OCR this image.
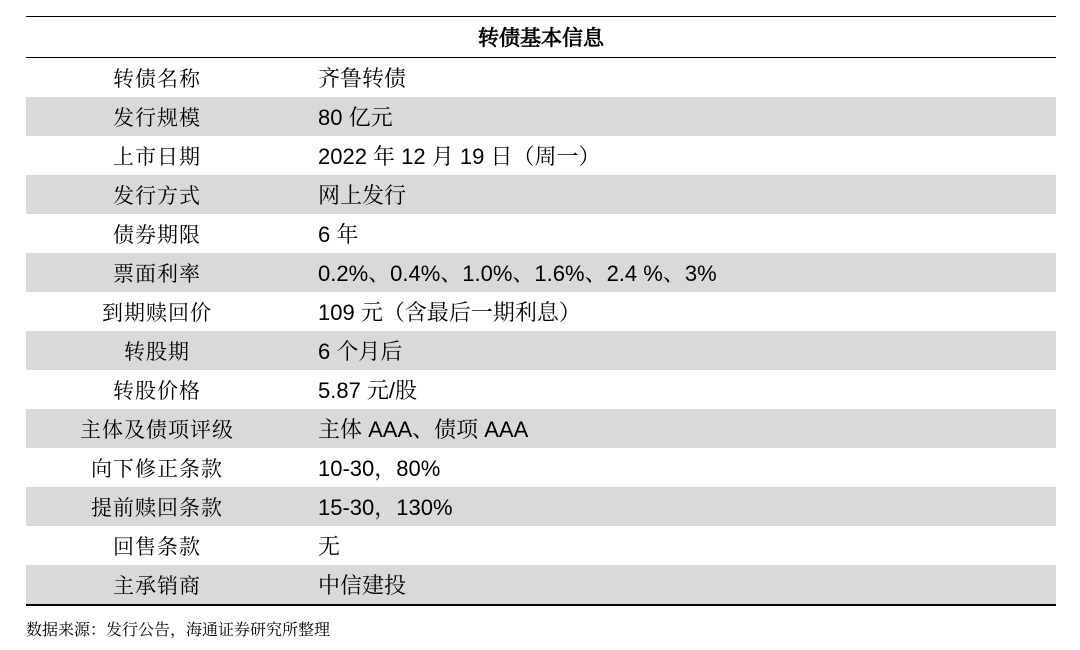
转债基本信息
转债名称	齐鲁转债
发行规模	80 亿元
上市日期	2022 年 12 月 19 日（周一）
发行方式	网上发行
债券期限	6 年
票面利率	0.2%、0.4%、1.0%、1.6%、2.4 %、3%
到期赎回价	109 元（含最后一期利息）
转股期	6 个月后
转股价格	5.87 元/股
主体及债项评级	主体 AAA、债项 AAA
向下修正条款	10-30，80%
提前赎回条款	15-30，130%
回售条款	无
主承销商	中信建投
数据来源：发行公告，海通证券研究所整理
